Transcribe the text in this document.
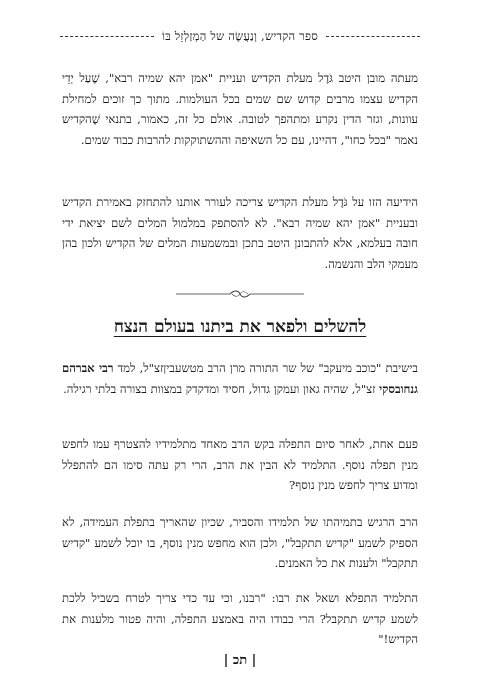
ספר הקדיש, וְנַעֲשֶׂה של הַמְזַלְזֵל בּוֹ

מעתה מובן היטב גֹּדֶל מעלת הקדיש ועניית "אמן יהא שמיה רבא", שֶׁעַל יְדֵי הקדיש עצמו מרבים קדוש שם שמים בכל העולמות. מתוך כך זוכים למחילת עוונות, וגזר הדין נקרע ומתהפך לטובה. אולם כל זה, כאמור, בתנאי שֶׁהקדיש נאמר "בכל כחו", דהיינו, עם כל השאיפה וההשתוקקות להרבות כבוד שמים.

הידיעה הזו על גֹּדֶל מעלת הקדיש צריכה לעורר אותנו להתחזק באמירת הקדיש ובעניית "אמן יהא שמיה רבא". לא להסתפק במלמול המלים לשם יציאת ידי חובה בעלמא, אלא להתבונן היטב בתכן ובמשמעות המלים של הקדיש ולכון בהן מעמקי הלב והנשמה.

להשלים ולפאר את ביתנו בעולם הנצח

בישיבת "כוכב מיעקב" של שר התורה מרן הרב מטשעביןזצ"ל, למד רבי אברהם גנחובסקי זצ"ל, שהיה גאון ועמקן גדול, חסיד ומדקדק במצוות בצורה בלתי רגילה.

פעם אחת, לאחר סיום התפלה בקש הרב מאחד מתלמידיו להצטרף עמו לחפש מנין תפלה נוסף. התלמיד לא הבין את הרב, הרי רק עתה סימו הם להתפלל ומדוע צריך לחפש מנין נוסף?

הרב הרגיש בתמיהתו של תלמידו והסביר, שכיון שהאריך בתפלת העמידה, לא הספיק לשמע "קדיש תתקבל", ולכן הוא מחפש מנין נוסף, בו יוכל לשמע "קדיש תתקבל" ולענות את כל האמנים.

התלמיד התפלא ושאל את רבו: "רבנו, וכי עד כדי צריך לטרח בשביל ללכת לשמע קדיש תתקבל? הרי כבודו היה באמצע התפלה, והיה פטור מלענות את הקדיש!"

| תכ |
